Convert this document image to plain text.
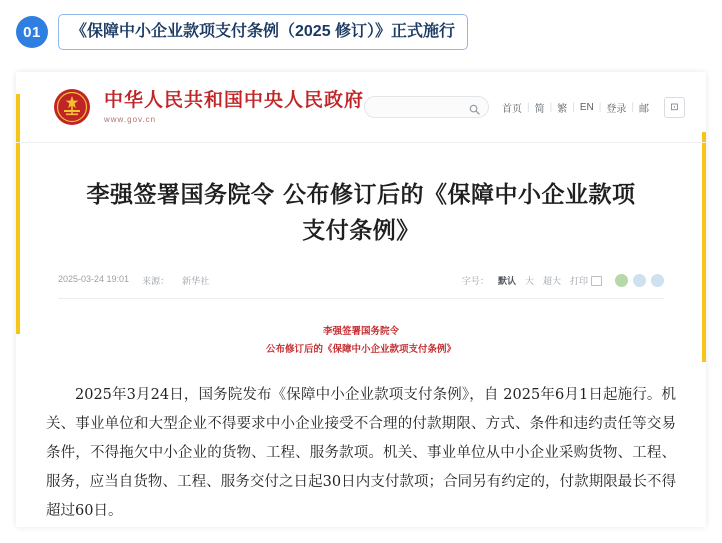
01	《保障中小企业款项支付条例（2025 修订）》正式施行
中华人民共和国中央人民政府
www.gov.cn
首页 | 简 | 繁 | EN | 登录 | 邮	⊡
李强签署国务院令 公布修订后的《保障中小企业款项支付条例》
2025-03-24 19:01 来源： 新华社	字号： 默认 大 超大 打印
李强签署国务院令
公布修订后的《保障中小企业款项支付条例》
2025年3月24日，国务院发布《保障中小企业款项支付条例》，自 2025年6月1日起施行。机关、事业单位和大型企业不得要求中小企业接受不合理的付款期限、方式、条件和违约责任等交易条件，不得拖欠中小企业的货物、工程、服务款项。机关、事业单位从中小企业采购货物、工程、服务，应当自货物、工程、服务交付之日起30日内支付款项；合同另有约定的，付款期限最长不得超过60日。
